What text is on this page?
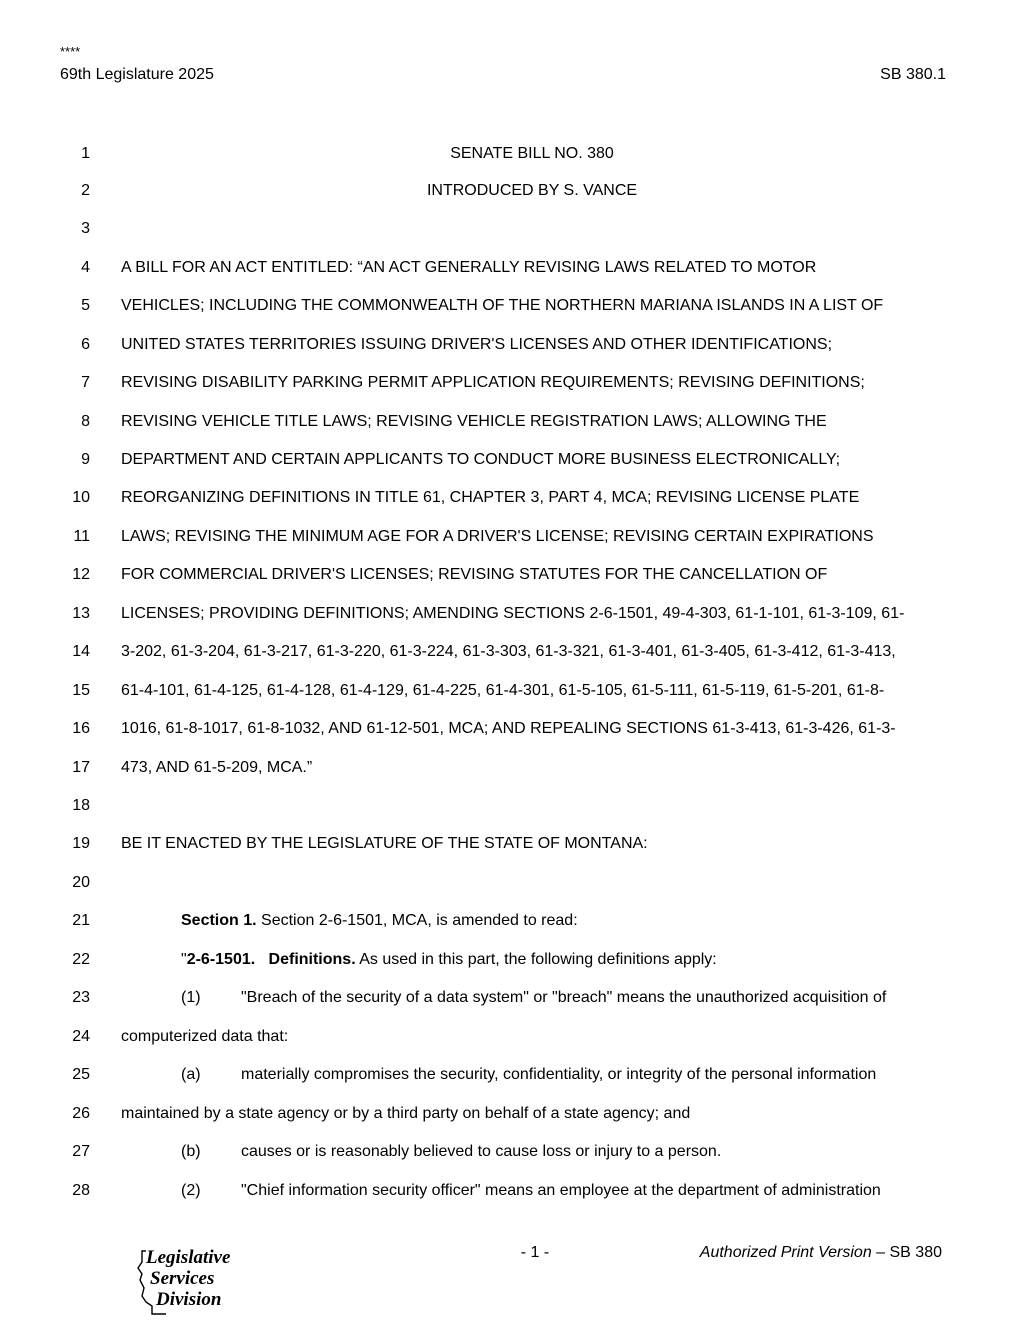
****
69th Legislature 2025	SB 380.1
1	SENATE BILL NO. 380
2	INTRODUCED BY S. VANCE
3
4 A BILL FOR AN ACT ENTITLED: “AN ACT GENERALLY REVISING LAWS RELATED TO MOTOR
5 VEHICLES; INCLUDING THE COMMONWEALTH OF THE NORTHERN MARIANA ISLANDS IN A LIST OF
6 UNITED STATES TERRITORIES ISSUING DRIVER'S LICENSES AND OTHER IDENTIFICATIONS;
7 REVISING DISABILITY PARKING PERMIT APPLICATION REQUIREMENTS; REVISING DEFINITIONS;
8 REVISING VEHICLE TITLE LAWS; REVISING VEHICLE REGISTRATION LAWS; ALLOWING THE
9 DEPARTMENT AND CERTAIN APPLICANTS TO CONDUCT MORE BUSINESS ELECTRONICALLY;
10 REORGANIZING DEFINITIONS IN TITLE 61, CHAPTER 3, PART 4, MCA; REVISING LICENSE PLATE
11 LAWS; REVISING THE MINIMUM AGE FOR A DRIVER'S LICENSE; REVISING CERTAIN EXPIRATIONS
12 FOR COMMERCIAL DRIVER'S LICENSES; REVISING STATUTES FOR THE CANCELLATION OF
13 LICENSES; PROVIDING DEFINITIONS; AMENDING SECTIONS 2-6-1501, 49-4-303, 61-1-101, 61-3-109, 61-
14 3-202, 61-3-204, 61-3-217, 61-3-220, 61-3-224, 61-3-303, 61-3-321, 61-3-401, 61-3-405, 61-3-412, 61-3-413,
15 61-4-101, 61-4-125, 61-4-128, 61-4-129, 61-4-225, 61-4-301, 61-5-105, 61-5-111, 61-5-119, 61-5-201, 61-8-
16 1016, 61-8-1017, 61-8-1032, AND 61-12-501, MCA; AND REPEALING SECTIONS 61-3-413, 61-3-426, 61-3-
17 473, AND 61-5-209, MCA.”
18
19 BE IT ENACTED BY THE LEGISLATURE OF THE STATE OF MONTANA:
20
21	Section 1. Section 2-6-1501, MCA, is amended to read:
22	"2-6-1501. Definitions. As used in this part, the following definitions apply:
23	(1)	"Breach of the security of a data system" or "breach" means the unauthorized acquisition of
24 computerized data that:
25	(a)	materially compromises the security, confidentiality, or integrity of the personal information
26 maintained by a state agency or by a third party on behalf of a state agency; and
27	(b)	causes or is reasonably believed to cause loss or injury to a person.
28	(2)	"Chief information security officer" means an employee at the department of administration
Legislative
Services
Division
- 1 -	Authorized Print Version – SB 380
